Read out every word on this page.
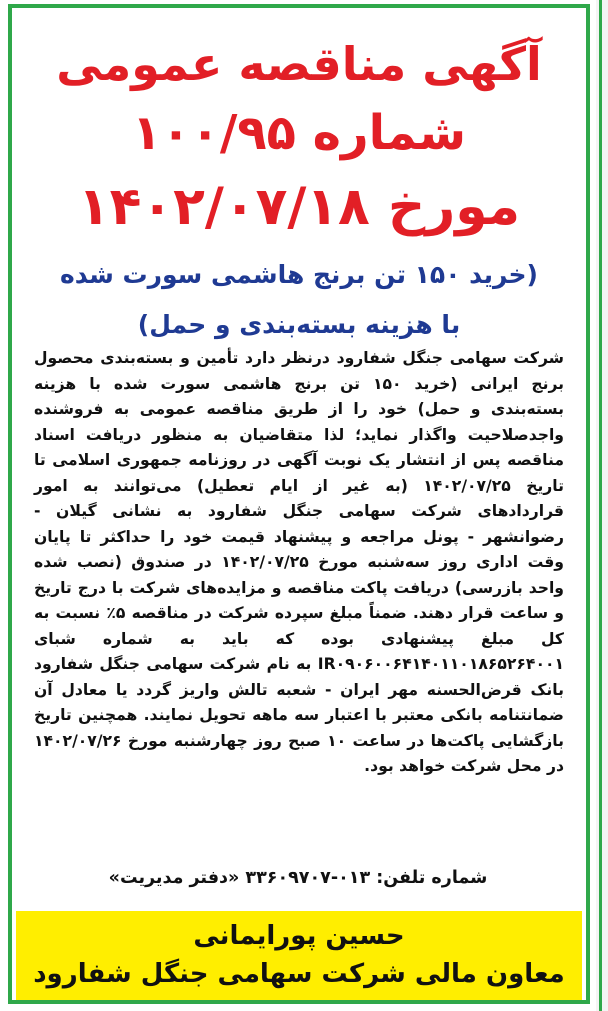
آگهی مناقصه عمومی
شماره ۱۰۰/۹۵
مورخ ۱۴۰۲/۰۷/۱۸
(خرید ۱۵۰ تن برنج هاشمی سورت شده
با هزینه بسته‌بندی و حمل)
شرکت سهامی جنگل شفارود درنظر دارد تأمین و بسته‌بندی محصول برنج ایرانی (خرید ۱۵۰ تن برنج هاشمی سورت شده با هزینه بسته‌بندی و حمل) خود را از طریق مناقصه عمومی به فروشنده واجدصلاحیت واگذار نماید؛ لذا متقاضیان به منظور دریافت اسناد مناقصه پس از انتشار یک نوبت آگهی در روزنامه جمهوری اسلامی تا تاریخ ۱۴۰۲/۰۷/۲۵ (به غیر از ایام تعطیل) می‌توانند به امور قراردادهای شرکت سهامی جنگل شفارود به نشانی گیلان - رضوانشهر - پونل مراجعه و پیشنهاد قیمت خود را حداکثر تا پایان وقت اداری روز سه‌شنبه مورخ ۱۴۰۲/۰۷/۲۵ در صندوق (نصب شده واحد بازرسی) دریافت پاکت مناقصه و مزایده‌های شرکت با درج تاریخ و ساعت قرار دهند. ضمناً مبلغ سپرده شرکت در مناقصه ۵٪ نسبت به کل مبلغ پیشنهادی بوده که باید به شماره شبای IR۰۹۰۶۰۰۶۴۱۴۰۱۱۰۱۸۶۵۲۶۴۰۰۱ به نام شرکت سهامی جنگل شفارود بانک قرض‌الحسنه مهر ایران - شعبه تالش واریز گردد یا معادل آن ضمانتنامه بانکی معتبر با اعتبار سه ماهه تحویل نمایند. همچنین تاریخ بازگشایی پاکت‌ها در ساعت ۱۰ صبح روز چهارشنبه مورخ ۱۴۰۲/۰۷/۲۶ در محل شرکت خواهد بود.
شماره تلفن: ۰۱۳-۳۳۶۰۹۷۰۷ «دفتر مدیریت»
حسین پورایمانی
معاون مالی شرکت سهامی جنگل شفارود
